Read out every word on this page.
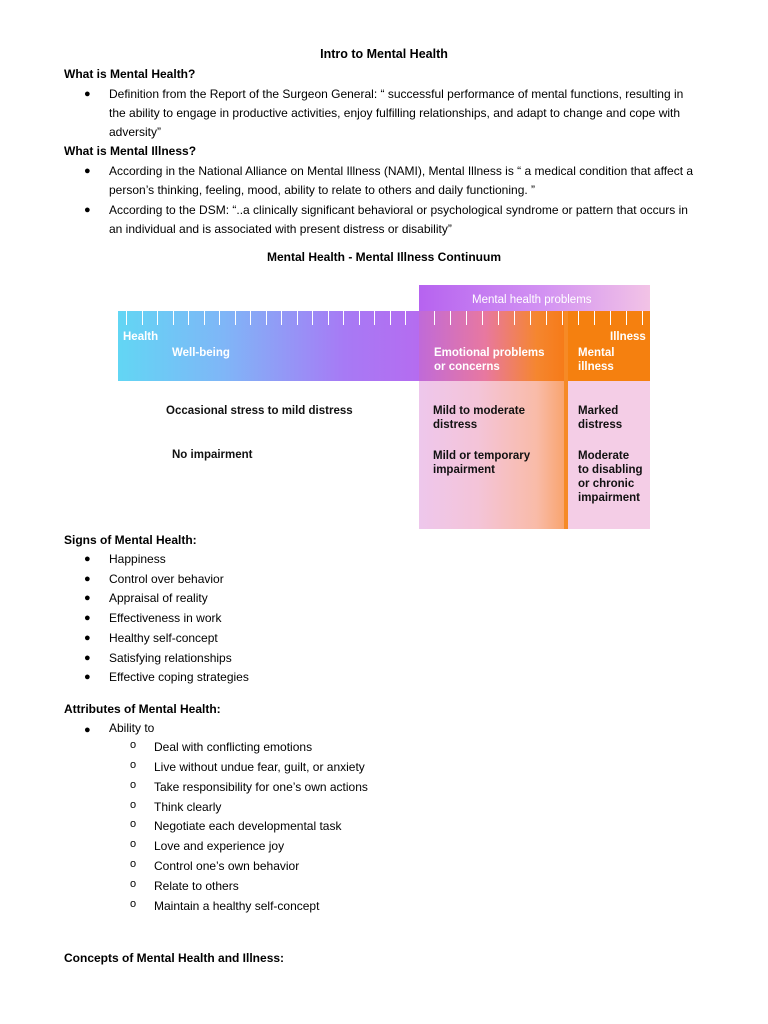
Intro to Mental Health
What is Mental Health?
● Definition from the Report of the Surgeon General: “ successful performance of mental functions, resulting in
the ability to engage in productive activities, enjoy fulfilling relationships, and adapt to change and cope with
adversity”
What is Mental Illness?
● According in the National Alliance on Mental Illness (NAMI), Mental Illness is “ a medical condition that affect a
person’s thinking, feeling, mood, ability to relate to others and daily functioning. ”
● According to the DSM: “..a clinically significant behavioral or psychological syndrome or pattern that occurs in
an individual and is associated with present distress or disability”
Mental Health - Mental Illness Continuum
Mental health problems
Health	Illness
Well-being	Emotional problems
or concerns
Mental
illness
Occasional stress to mild distress
No impairment
Mild to moderate
distress
Mild or temporary
impairment
Marked
distress
Moderate
to disabling
or chronic
impairment
Signs of Mental Health:
● Happiness
● Control over behavior
● Appraisal of reality
● Effectiveness in work
● Healthy self-concept
● Satisfying relationships
● Effective coping strategies
Attributes of Mental Health:
● Ability to
o Deal with conflicting emotions
o Live without undue fear, guilt, or anxiety
o Take responsibility for one’s own actions
o Think clearly
o Negotiate each developmental task
o Love and experience joy
o Control one’s own behavior
o Relate to others
o Maintain a healthy self-concept
Concepts of Mental Health and Illness:
